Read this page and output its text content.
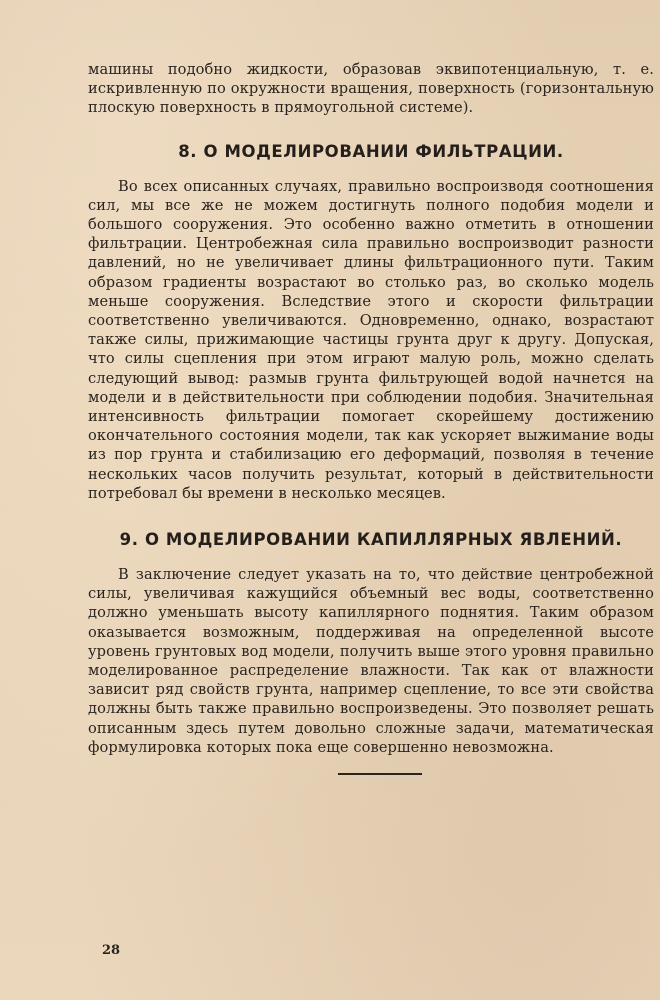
машины подобно жидкости, образовав эквипотенциальную, т. е. искривленную по окружности вращения, поверхность (горизонтальную плоскую поверхность в прямоугольной системе).

8. О МОДЕЛИРОВАНИИ ФИЛЬТРАЦИИ.

Во всех описанных случаях, правильно воспроизводя соотношения сил, мы все же не можем достигнуть полного подобия модели и большого сооружения. Это особенно важно отметить в отношении фильтрации. Центробежная сила правильно воспроизводит разности давлений, но не увеличивает длины фильтрационного пути. Таким образом градиенты возрастают во столько раз, во сколько модель меньше сооружения. Вследствие этого и скорости фильтрации соответственно увеличиваются. Одновременно, однако, возрастают также силы, прижимающие частицы грунта друг к другу. Допуская, что силы сцепления при этом играют малую роль, можно сделать следующий вывод: размыв грунта фильтрующей водой начнется на модели и в действительности при соблюдении подобия. Значительная интенсивность фильтрации помогает скорейшему достижению окончательного состояния модели, так как ускоряет выжимание воды из пор грунта и стабилизацию его деформаций, позволяя в течение нескольких часов получить результат, который в действительности потребовал бы времени в несколько месяцев.

9. О МОДЕЛИРОВАНИИ КАПИЛЛЯРНЫХ ЯВЛЕНИЙ.

В заключение следует указать на то, что действие центробежной силы, увеличивая кажущийся объемный вес воды, соответственно должно уменьшать высоту капиллярного поднятия. Таким образом оказывается возможным, поддерживая на определенной высоте уровень грунтовых вод модели, получить выше этого уровня правильно моделированное распределение влажности. Так как от влажности зависит ряд свойств грунта, например сцепление, то все эти свойства должны быть также правильно воспроизведены. Это позволяет решать описанным здесь путем довольно сложные задачи, математическая формулировка которых пока еще совершенно невозможна.

28
